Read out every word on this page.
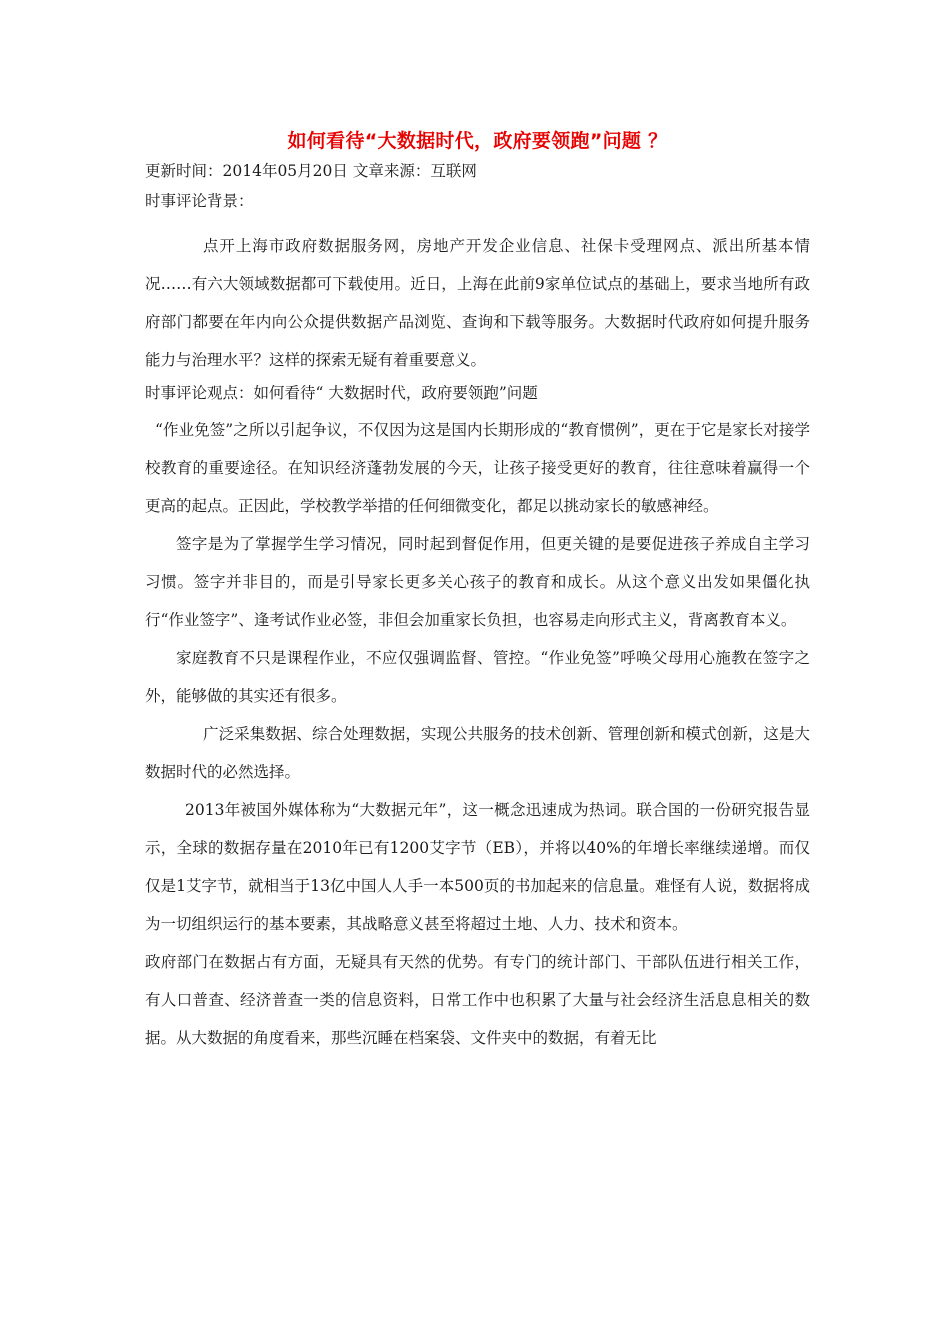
如何看待“大数据时代，政府要领跑”问题 ？

更新时间：2014年05月20日 文章来源：互联网

时事评论背景：

点开上海市政府数据服务网，房地产开发企业信息、社保卡受理网点、派出所基本情况……有六大领域数据都可下载使用。近日，上海在此前9家单位试点的基础上，要求当地所有政府部门都要在年内向公众提供数据产品浏览、查询和下载等服务。大数据时代政府如何提升服务能力与治理水平？这样的探索无疑有着重要意义。

时事评论观点：如何看待“ 大数据时代，政府要领跑”问题

“作业免签”之所以引起争议，不仅因为这是国内长期形成的“教育惯例”，更在于它是家长对接学校教育的重要途径。在知识经济蓬勃发展的今天，让孩子接受更好的教育，往往意味着赢得一个更高的起点。正因此，学校教学举措的任何细微变化，都足以挑动家长的敏感神经。

签字是为了掌握学生学习情况，同时起到督促作用，但更关键的是要促进孩子养成自主学习习惯。签字并非目的，而是引导家长更多关心孩子的教育和成长。从这个意义出发如果僵化执行“作业签字”、逢考试作业必签，非但会加重家长负担，也容易走向形式主义，背离教育本义。

家庭教育不只是课程作业，不应仅强调监督、管控。“作业免签”呼唤父母用心施教在签字之外，能够做的其实还有很多。

广泛采集数据、综合处理数据，实现公共服务的技术创新、管理创新和模式创新，这是大数据时代的必然选择。

2013年被国外媒体称为“大数据元年”，这一概念迅速成为热词。联合国的一份研究报告显示，全球的数据存量在2010年已有1200艾字节（EB），并将以40%的年增长率继续递增。而仅仅是1艾字节，就相当于13亿中国人人手一本500页的书加起来的信息量。难怪有人说，数据将成为一切组织运行的基本要素，其战略意义甚至将超过土地、人力、技术和资本。

政府部门在数据占有方面，无疑具有天然的优势。有专门的统计部门、干部队伍进行相关工作，有人口普查、经济普查一类的信息资料，日常工作中也积累了大量与社会经济生活息息相关的数据。从大数据的角度看来，那些沉睡在档案袋、文件夹中的数据，有着无比
